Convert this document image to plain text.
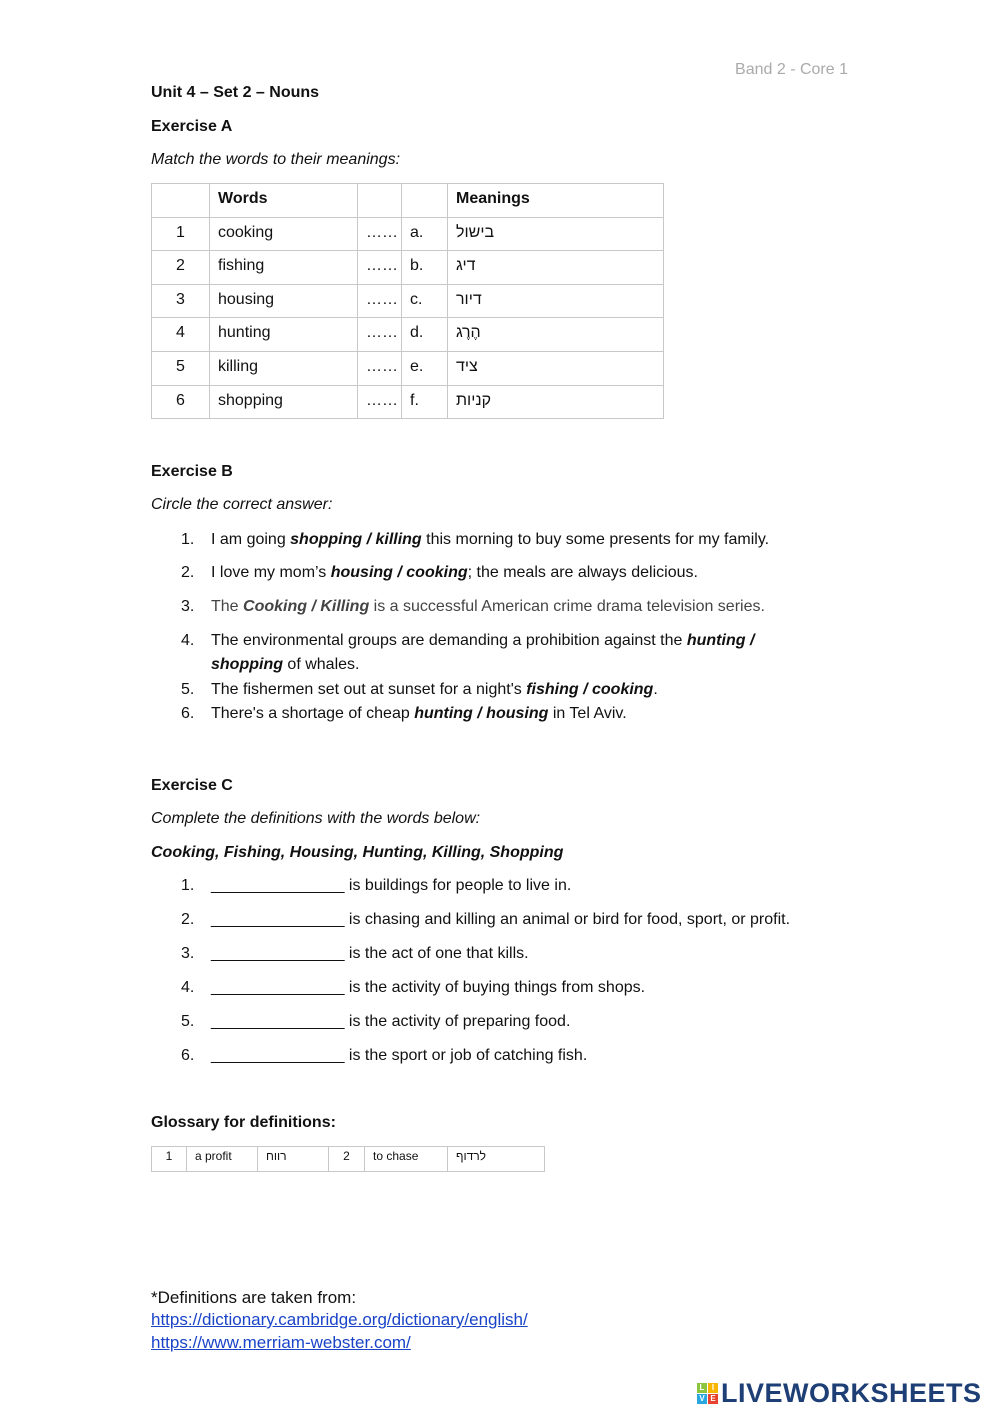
Band 2 - Core 1
Unit 4 – Set 2 – Nouns
Exercise A
Match the words to their meanings:
	Words			Meanings
1	cooking	……	a.	בישול
2	fishing	……	b.	דיג
3	housing	……	c.	דיור
4	hunting	……	d.	הֶרֶג
5	killing	……	e.	ציד
6	shopping	……	f.	קניות
Exercise B
Circle the correct answer:
1. I am going shopping / killing this morning to buy some presents for my family.
2. I love my mom’s housing / cooking; the meals are always delicious.
3. The Cooking / Killing is a successful American crime drama television series.
4. The environmental groups are demanding a prohibition against the hunting /
shopping of whales.
5. The fishermen set out at sunset for a night's fishing / cooking.
6. There's a shortage of cheap hunting / housing in Tel Aviv.
Exercise C
Complete the definitions with the words below:
Cooking, Fishing, Housing, Hunting, Killing, Shopping
1. _______________ is buildings for people to live in.
2. _______________ is chasing and killing an animal or bird for food, sport, or profit.
3. _______________ is the act of one that kills.
4. _______________ is the activity of buying things from shops.
5. _______________ is the activity of preparing food.
6. _______________ is the sport or job of catching fish.
Glossary for definitions:
1	a profit	רווח	2	to chase	לרדוף
*Definitions are taken from:
https://dictionary.cambridge.org/dictionary/english/
https://www.merriam-webster.com/
L I
V E LIVEWORKSHEETS
